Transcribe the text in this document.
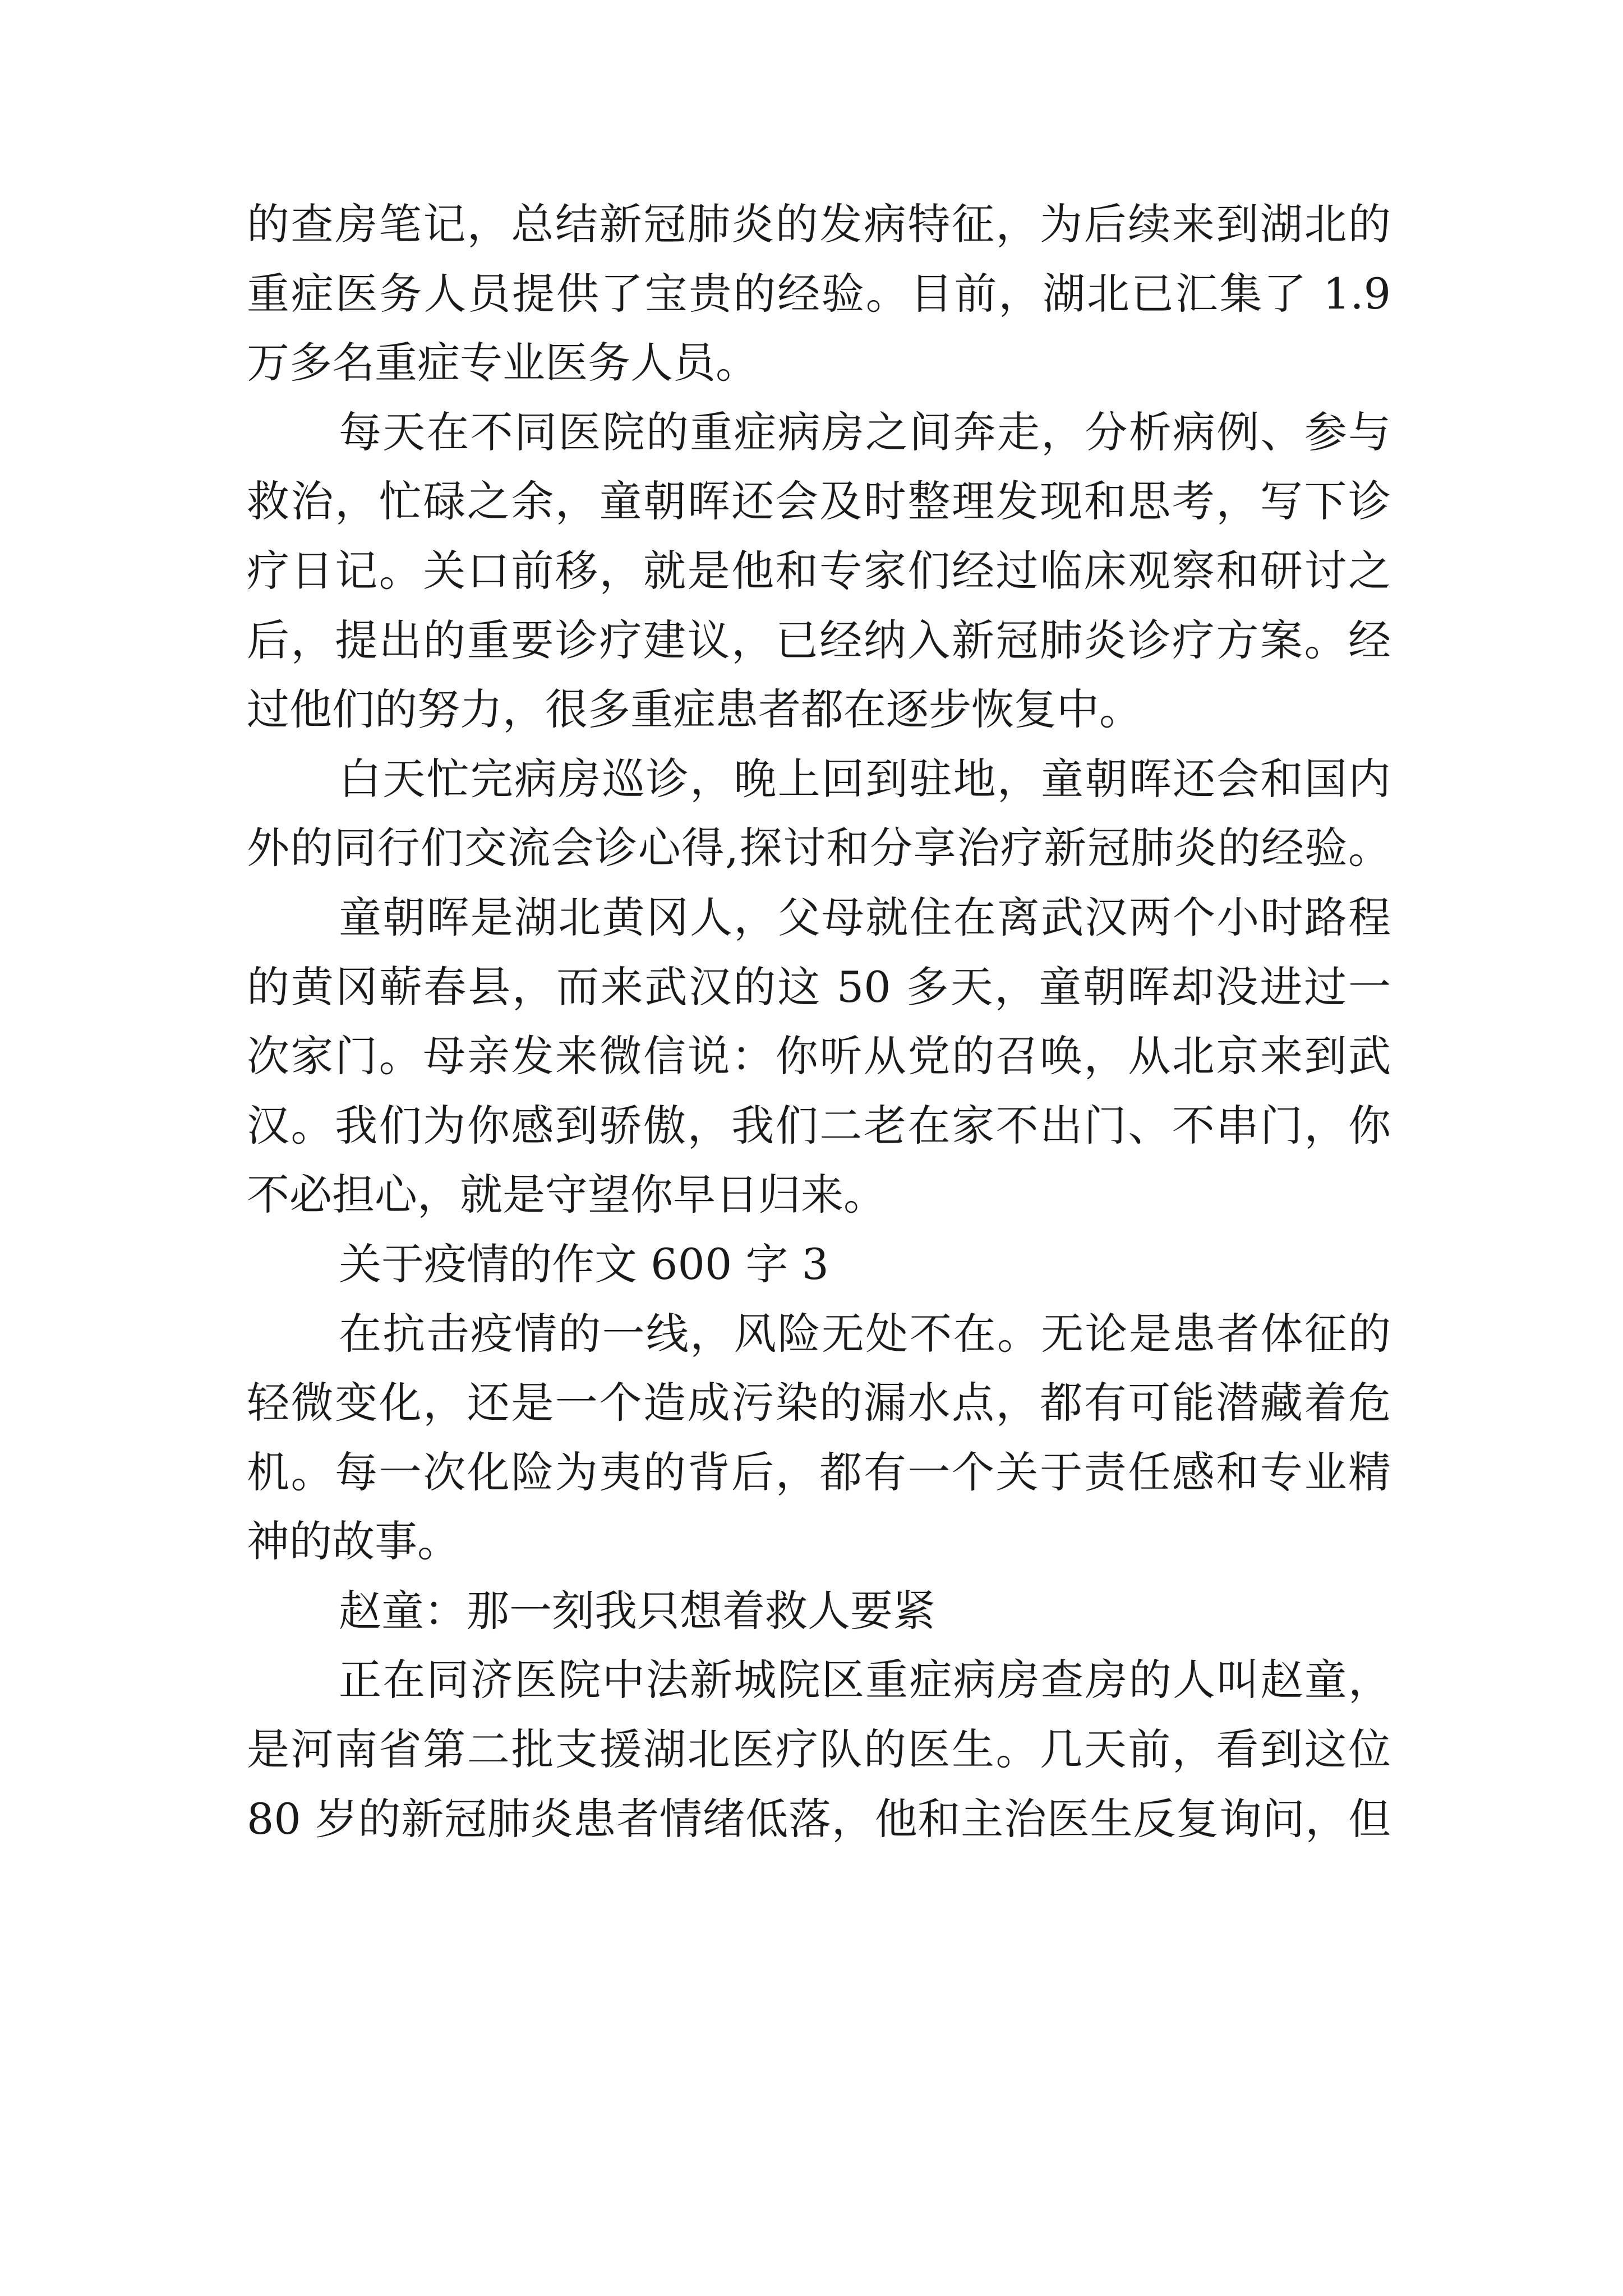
的查房笔记，总结新冠肺炎的发病特征，为后续来到湖北的
重症医务人员提供了宝贵的经验。目前，湖北已汇集了 1.9
万多名重症专业医务人员。
每天在不同医院的重症病房之间奔走，分析病例、参与
救治，忙碌之余，童朝晖还会及时整理发现和思考，写下诊
疗日记。关口前移，就是他和专家们经过临床观察和研讨之
后，提出的重要诊疗建议，已经纳入新冠肺炎诊疗方案。经
过他们的努力，很多重症患者都在逐步恢复中。
白天忙完病房巡诊，晚上回到驻地，童朝晖还会和国内
外的同行们交流会诊心得,探讨和分享治疗新冠肺炎的经验。
童朝晖是湖北黄冈人，父母就住在离武汉两个小时路程
的黄冈蕲春县，而来武汉的这 50 多天，童朝晖却没进过一
次家门。母亲发来微信说：你听从党的召唤，从北京来到武
汉。我们为你感到骄傲，我们二老在家不出门、不串门，你
不必担心，就是守望你早日归来。
关于疫情的作文 600 字 3
在抗击疫情的一线，风险无处不在。无论是患者体征的
轻微变化，还是一个造成污染的漏水点，都有可能潜藏着危
机。每一次化险为夷的背后，都有一个关于责任感和专业精
神的故事。
赵童：那一刻我只想着救人要紧
正在同济医院中法新城院区重症病房查房的人叫赵童，
是河南省第二批支援湖北医疗队的医生。几天前，看到这位
80 岁的新冠肺炎患者情绪低落，他和主治医生反复询问，但
